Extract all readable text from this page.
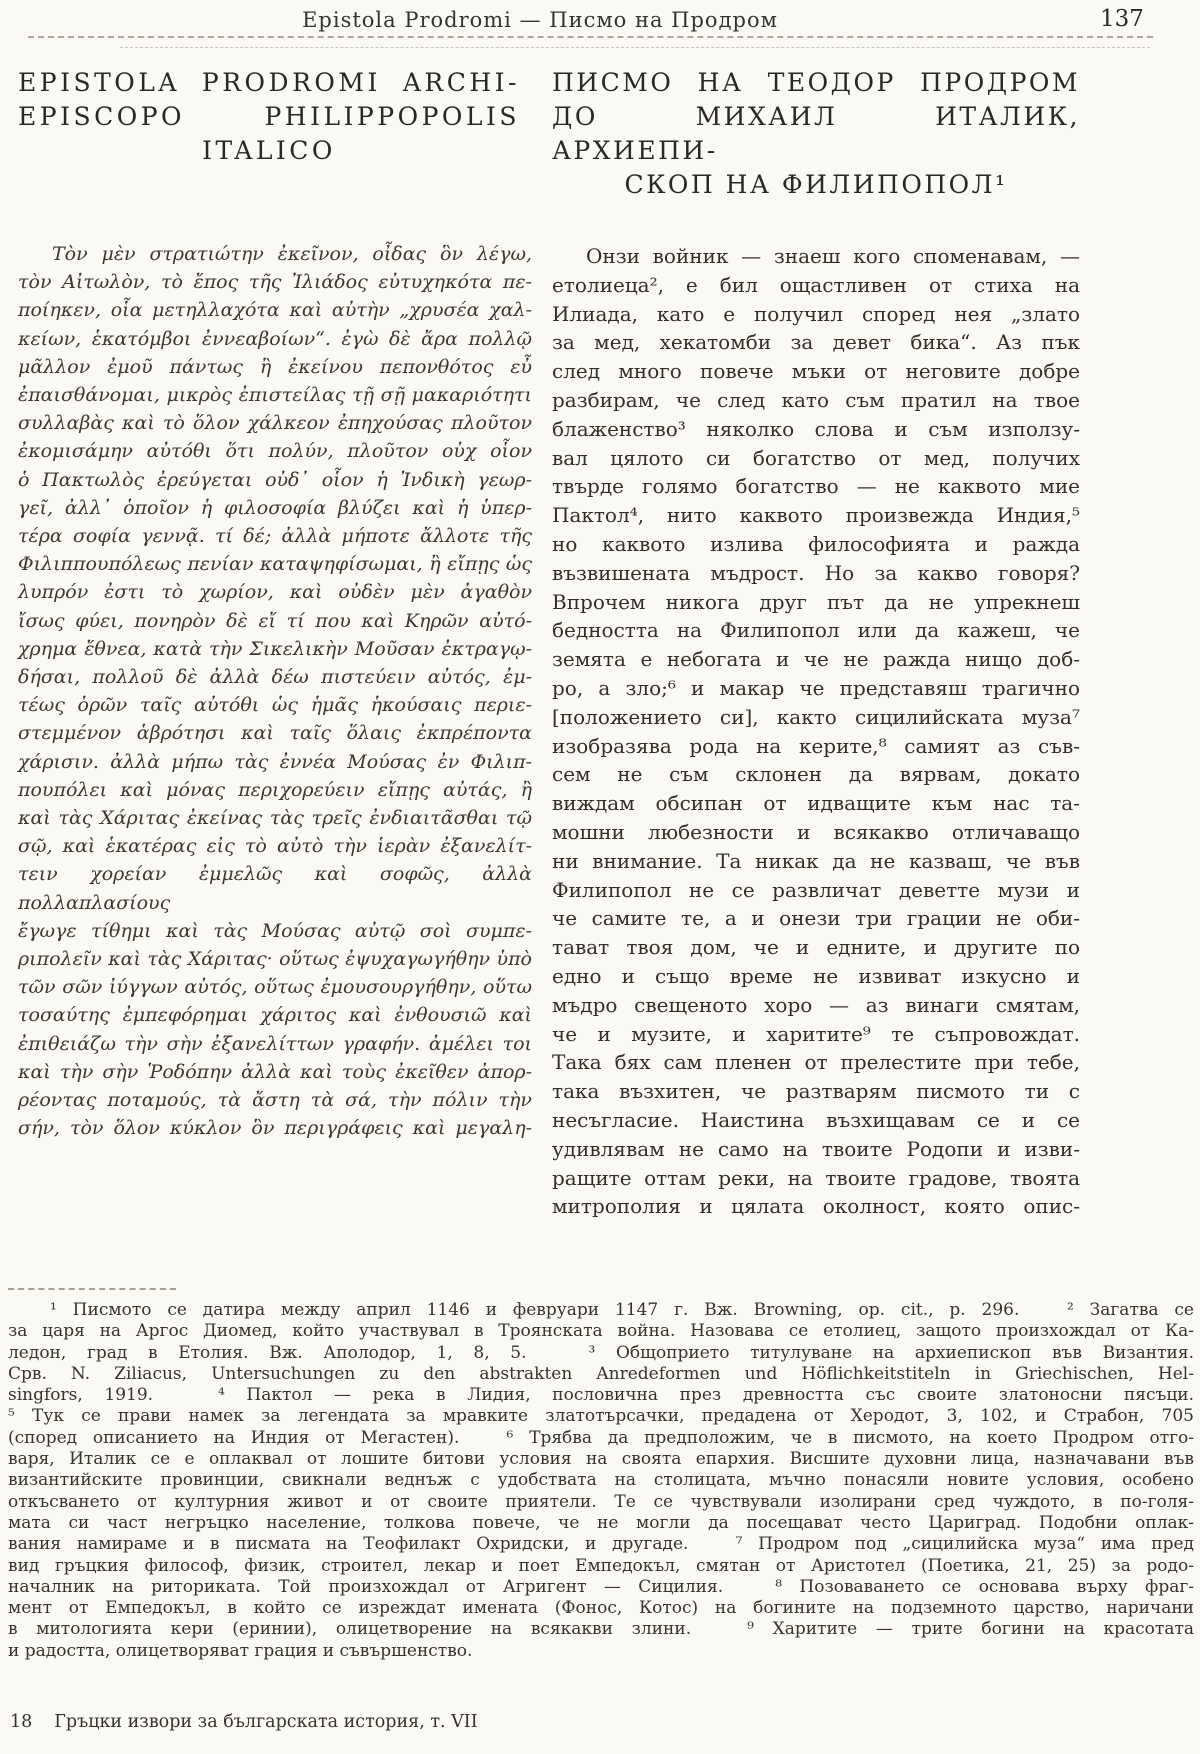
Epistola Prodromi — Писмо на Продром	137
EPISTOLA PRODROMI ARCHI-
EPISCOPO PHILIPPOPOLIS
ITALICO
ПИСМО НА ТЕОДОР ПРОДРОМ
ДО МИХАИЛ ИТАЛИК, АРХИЕПИ-
СКОП НА ФИЛИПОПОЛ¹
Τὸν μὲν στρατιώτην ἐκεῖνον, οἶδας ὃν λέγω,
τὸν Αἰτωλὸν, τὸ ἔπος τῆς Ἰλιάδος εὐτυχηκότα πε-
ποίηκεν, οἷα μετηλλαχότα καὶ αὐτὴν „χρυσέα χαλ-
κείων, ἑκατόμβοι ἐννεαβοίων“. ἐγὼ δὲ ἄρα πολλῷ
μᾶλλον ἐμοῦ πάντως ἢ ἐκείνου πεπονθότος εὖ
ἐπαισθάνομαι, μικρὸς ἐπιστείλας τῇ σῇ μακαριότητι
συλλαβὰς καὶ τὸ ὅλον χάλκεον ἐπηχούσας πλοῦτον
ἐκομισάμην αὐτόθι ὅτι πολύν, πλοῦτον οὐχ οἷον
ὁ Πακτωλὸς ἐρεύγεται οὐδ᾽ οἷον ἡ Ἰνδικὴ γεωρ-
γεῖ, ἀλλ᾽ ὁποῖον ἡ φιλοσοφία βλύζει καὶ ἡ ὑπερ-
τέρα σοφία γεννᾷ. τί δέ; ἀλλὰ μήποτε ἄλλοτε τῆς
Φιλιππουπόλεως πενίαν καταψηφίσωμαι, ἢ εἴπῃς ὡς
λυπρόν ἐστι τὸ χωρίον, καὶ οὐδὲν μὲν ἀγαθὸν
ἴσως φύει, πονηρὸν δὲ εἴ τί που καὶ Κηρῶν αὐτό-
χρημα ἔθνεα, κατὰ τὴν Σικελικὴν Μοῦσαν ἐκτραγῳ-
δήσαι, πολλοῦ δὲ ἀλλὰ δέω πιστεύειν αὐτός, ἐμ-
τέως ὁρῶν ταῖς αὐτόθι ὡς ἡμᾶς ἡκούσαις περιε-
στεμμένον ἁβρότησι καὶ ταῖς ὅλαις ἐκπρέποντα
χάρισιν. ἀλλὰ μήπω τὰς ἐννέα Μούσας ἐν Φιλιπ-
πουπόλει καὶ μόνας περιχορεύειν εἴπῃς αὐτάς, ἢ
καὶ τὰς Χάριτας ἐκείνας τὰς τρεῖς ἐνδιαιτᾶσθαι τῷ
σῷ, καὶ ἑκατέρας εἰς τὸ αὐτὸ τὴν ἱερὰν ἐξανελίτ-
τειν χορείαν ἐμμελῶς καὶ σοφῶς, ἀλλὰ πολλαπλασίους
ἔγωγε τίθημι καὶ τὰς Μούσας αὐτῷ σοὶ συμπε-
ριπολεῖν καὶ τὰς Χάριτας· οὕτως ἐψυχαγωγήθην ὑπὸ
τῶν σῶν ἰύγγων αὐτός, οὕτως ἐμουσουργήθην, οὕτω
τοσαύτης ἐμπεφόρημαι χάριτος καὶ ἐνθουσιῶ καὶ
ἐπιθειάζω τὴν σὴν ἐξανελίττων γραφήν. ἀμέλει τοι
καὶ τὴν σὴν Ῥοδόπην ἀλλὰ καὶ τοὺς ἐκεῖθεν ἀπορ-
ρέοντας ποταμούς, τὰ ἄστη τὰ σά, τὴν πόλιν τὴν
σήν, τὸν ὅλον κύκλον ὃν περιγράφεις καὶ μεγαλη-
Онзи войник — знаеш кого споменавам, —
етолиеца², е бил ощастливен от стиха на
Илиада, като е получил според нея „злато
за мед, хекатомби за девет бика“. Аз пък
след много повече мъки от неговите добре
разбирам, че след като съм пратил на твое
блаженство³ няколко слова и съм използу-
вал цялото си богатство от мед, получих
твърде голямо богатство — не каквото мие
Пактол⁴, нито каквото произвежда Индия,⁵
но каквото излива философията и ражда
възвишената мъдрост. Но за какво говоря?
Впрочем никога друг път да не упрекнеш
бедността на Филипопол или да кажеш, че
земята е небогата и че не ражда нищо доб-
ро, а зло;⁶ и макар че представяш трагично
[положението си], както сицилийската муза⁷
изобразява рода на керите,⁸ самият аз съв-
сем не съм склонен да вярвам, докато
виждам обсипан от идващите към нас та-
мошни любезности и всякакво отличаващо
ни внимание. Та никак да не казваш, че във
Филипопол не се развличат деветте музи и
че самите те, а и онези три грации не оби-
тават твоя дом, че и едните, и другите по
едно и също време не извиват изкусно и
мъдро свещеното хоро — аз винаги смятам,
че и музите, и харитите⁹ те съпровождат.
Така бях сам пленен от прелестите при тебе,
така възхитен, че разтварям писмото ти с
несъгласие. Наистина възхищавам се и се
удивлявам не само на твоите Родопи и изви-
ращите оттам реки, на твоите градове, твоята
митрополия и цялата околност, която опис-
¹ Писмото се датира между април 1146 и февруари 1147 г. Вж. Browning, op. cit., p. 296.   ² Загатва се
за царя на Аргос Диомед, който участвувал в Троянската война. Назовава се етолиец, защото произхождал от Ка-
ледон, град в Етолия. Вж. Аполодор, 1, 8, 5.   ³ Общоприето титулуване на архиепископ във Византия.
Срв. N. Ziliacus, Untersuchungen zu den abstrakten Anredeformen und Höflichkeitstiteln in Griechischen, Hel-
singfors, 1919.   ⁴ Пактол — река в Лидия, пословична през древността със своите златоносни пясъци.
⁵ Тук се прави намек за легендата за мравките златотърсачки, предадена от Херодот, 3, 102, и Страбон, 705
(според описанието на Индия от Мегастен).   ⁶ Трябва да предположим, че в писмото, на което Продром отго-
варя, Италик се е оплаквал от лошите битови условия на своята епархия. Висшите духовни лица, назначавани във
византийските провинции, свикнали веднъж с удобствата на столицата, мъчно понасяли новите условия, особено
откъсването от културния живот и от своите приятели. Те се чувствували изолирани сред чуждото, в по-голя-
мата си част негръцко население, толкова повече, че не могли да посещават често Цариград. Подобни оплак-
вания намираме и в писмата на Теофилакт Охридски, и другаде.   ⁷ Продром под „сицилийска муза“ има пред
вид гръцкия философ, физик, строител, лекар и поет Емпедокъл, смятан от Аристотел (Поетика, 21, 25) за родо-
началник на риториката. Той произхождал от Агригент — Сицилия.   ⁸ Позоваването се основава върху фраг-
мент от Емпедокъл, в който се изреждат имената (Фонос, Котос) на богините на подземното царство, наричани
в митологията кери (еринии), олицетворение на всякакви злини.   ⁹ Харитите — трите богини на красотата
и радостта, олицетворяват грация и съвършенство.
18 Гръцки извори за българската история, т. VII
